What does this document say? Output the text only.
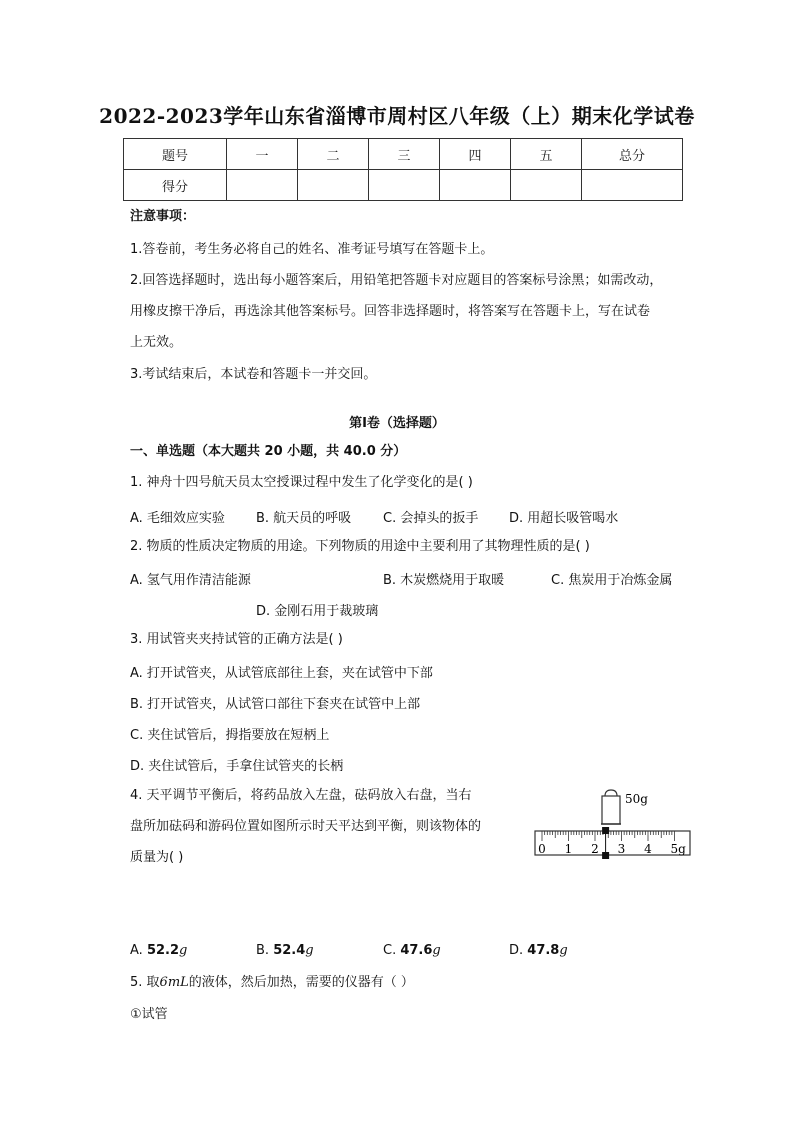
2022-2023学年山东省淄博市周村区八年级（上）期末化学试卷
题号	一	二	三	四	五	总分
得分						
注意事项：
1.答卷前，考生务必将自己的姓名、准考证号填写在答题卡上。
2.回答选择题时，选出每小题答案后，用铅笔把答题卡对应题目的答案标号涂黑；如需改动，
用橡皮擦干净后，再选涂其他答案标号。回答非选择题时，将答案写在答题卡上，写在试卷
上无效。
3.考试结束后，本试卷和答题卡一并交回。
第Ⅰ卷（选择题）
一、单选题（本大题共 20 小题，共 40.0 分）
1. 神舟十四号航天员太空授课过程中发生了化学变化的是( )
A. 毛细效应实验 B. 航天员的呼吸 C. 会掉头的扳手 D. 用超长吸管喝水
2. 物质的性质决定物质的用途。下列物质的用途中主要利用了其物理性质的是( )
A. 氢气用作清洁能源	B. 木炭燃烧用于取暖	C. 焦炭用于冶炼金属
D. 金刚石用于裁玻璃
3. 用试管夹夹持试管的正确方法是( )
A. 打开试管夹，从试管底部往上套，夹在试管中下部
B. 打开试管夹，从试管口部往下套夹在试管中上部
C. 夹住试管后，拇指要放在短柄上
D. 夹住试管后，手拿住试管夹的长柄
4. 天平调节平衡后，将药品放入左盘，砝码放入右盘，当右
盘所加砝码和游码位置如图所示时天平达到平衡，则该物体的
质量为( )
50g
0 1 2 3 4 5g
A. 52.2g	B. 52.4g	C. 47.6g	D. 47.8g
5. 取6mL的液体，然后加热，需要的仪器有（ ）
①试管
